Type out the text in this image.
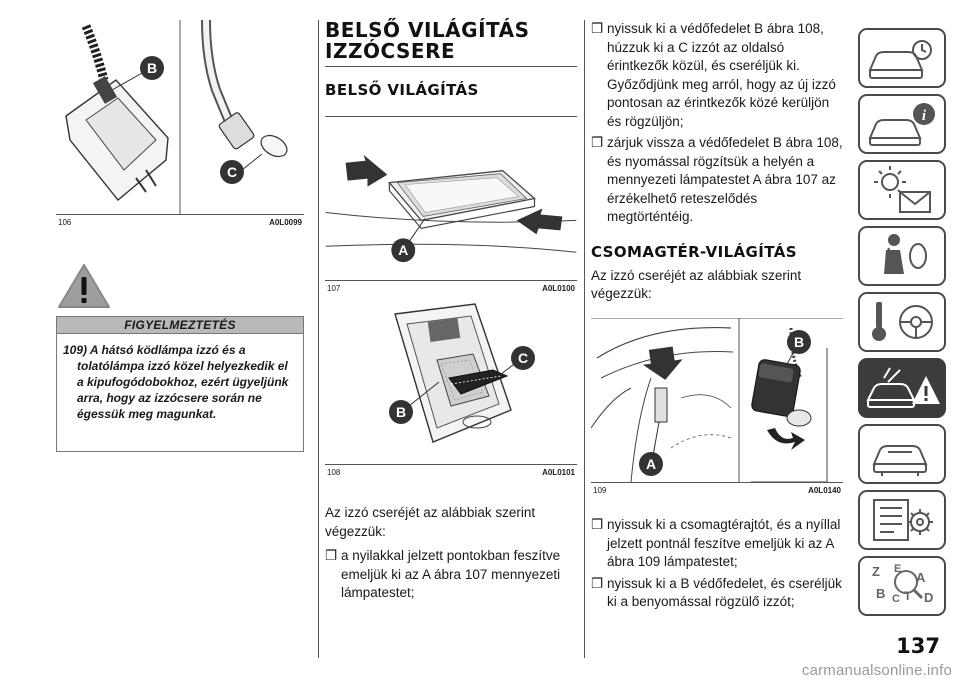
B
C
106	A0L0099
FIGYELMEZTETÉS
109) A hátsó ködlámpa izzó és a tolatólámpa izzó közel helyezkedik el a kipufogódobokhoz, ezért ügyeljünk arra, hogy az izzócsere során ne égessük meg magunkat.
BELSŐ VILÁGÍTÁS IZZÓCSERE
BELSŐ VILÁGÍTÁS
A
107	A0L0100
B
C
108	A0L0101
Az izzó cseréjét az alábbiak szerint végezzük:
❐ a nyilakkal jelzett pontokban feszítve emeljük ki az A ábra 107 mennyezeti lámpatestet;
❐ nyissuk ki a védőfedelet B ábra 108, húzzuk ki a C izzót az oldalsó érintkezők közül, és cseréljük ki. Győződjünk meg arról, hogy az új izzó pontosan az érintkezők közé kerüljön és rögzüljön;
❐ zárjuk vissza a védőfedelet B ábra 108, és nyomással rögzítsük a helyén a mennyezeti lámpatestet A ábra 107 az érzékelhető reteszelődés megtörténtéig.
CSOMAGTÉR-VILÁGÍTÁS
Az izzó cseréjét az alábbiak szerint végezzük:
A
B
109	A0L0140
❐ nyissuk ki a csomagtérajtót, és a nyíllal jelzett pontnál feszítve emeljük ki az A ábra 109 lámpatestet;
❐ nyissuk ki a B védőfedelet, és cseréljük ki a benyomással rögzülő izzót;
i
Z E
A
B C T D
137
carmanualsonline.info
